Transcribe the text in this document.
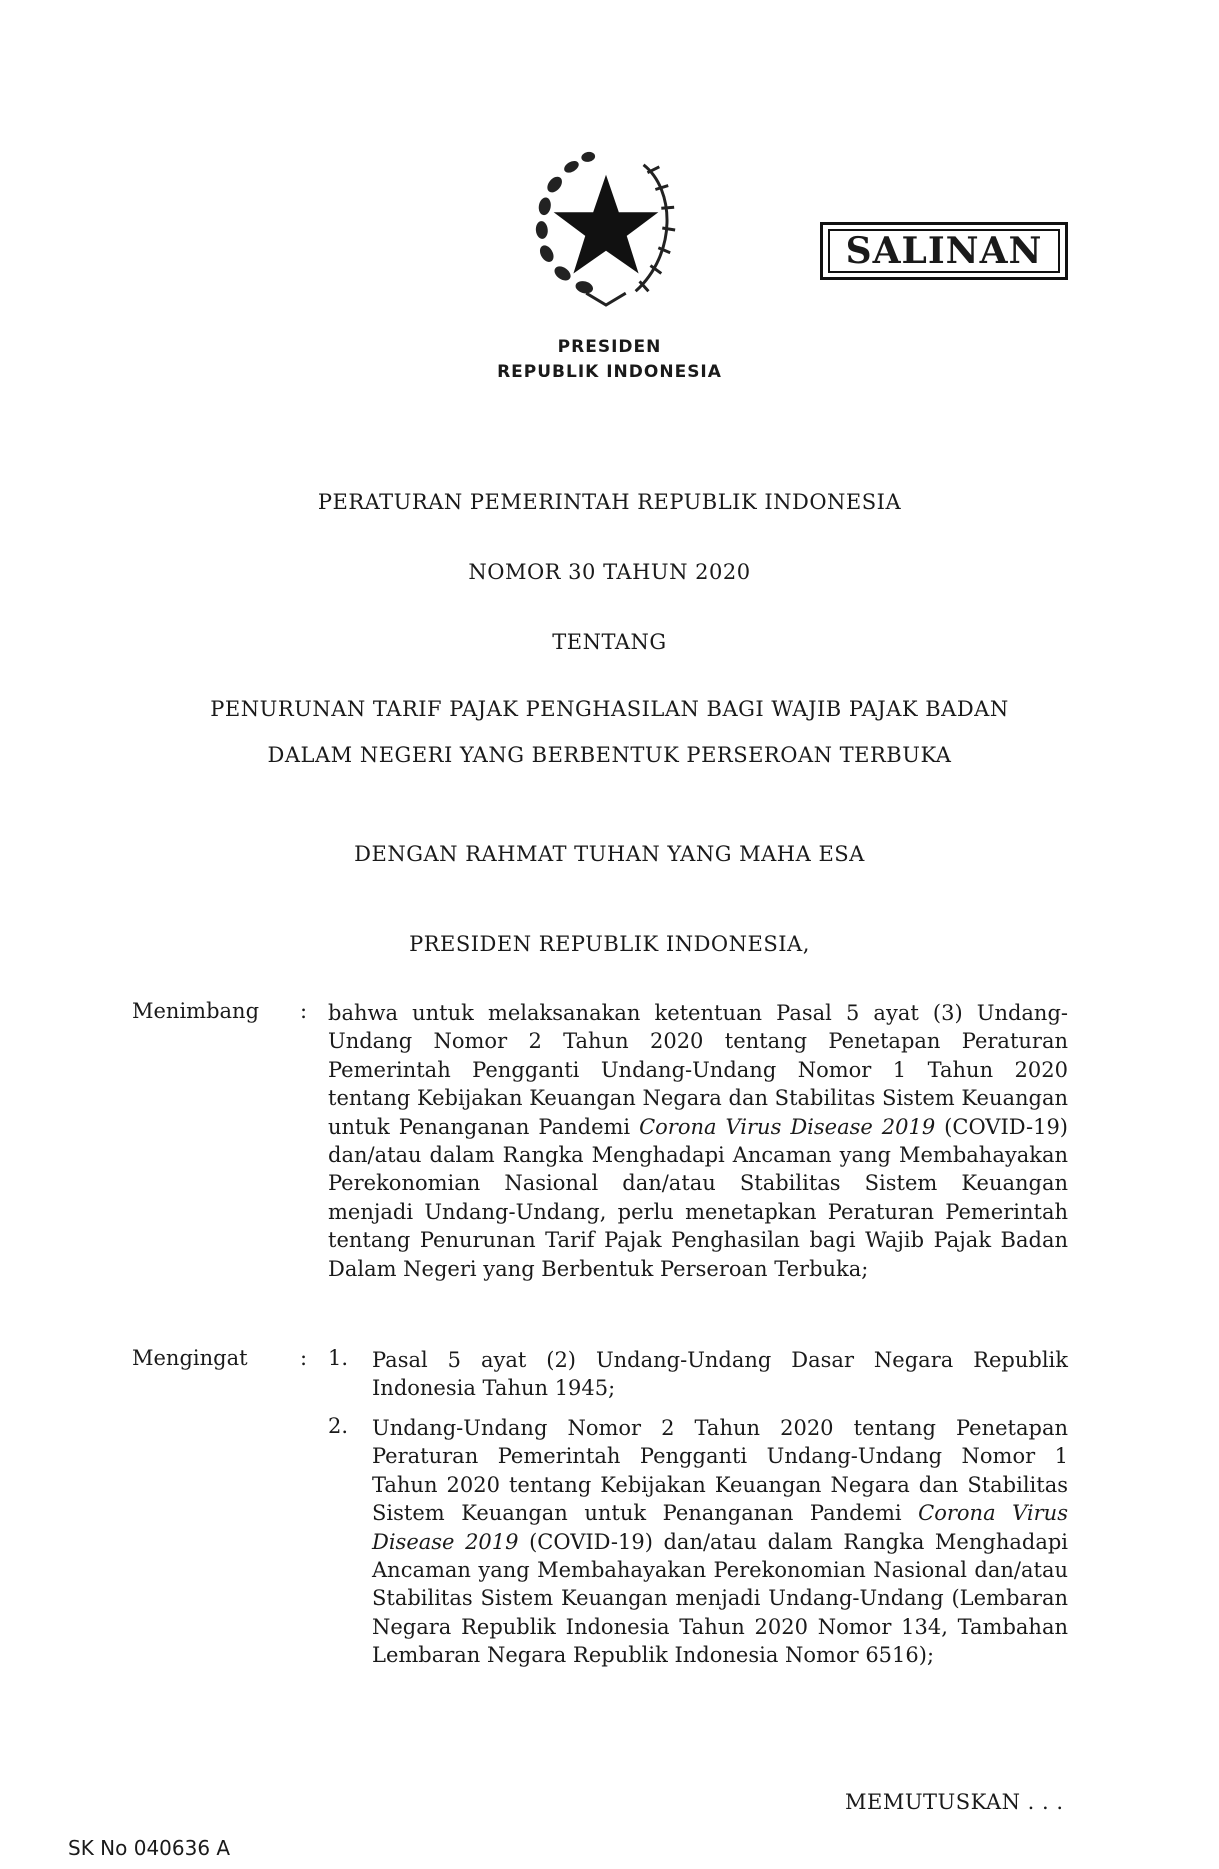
SALINAN
PRESIDEN
REPUBLIK INDONESIA
PERATURAN PEMERINTAH REPUBLIK INDONESIA
NOMOR 30 TAHUN 2020
TENTANG
PENURUNAN TARIF PAJAK PENGHASILAN BAGI WAJIB PAJAK BADAN
DALAM NEGERI YANG BERBENTUK PERSEROAN TERBUKA
DENGAN RAHMAT TUHAN YANG MAHA ESA
PRESIDEN REPUBLIK INDONESIA,
Menimbang : bahwa untuk melaksanakan ketentuan Pasal 5 ayat (3) Undang-Undang Nomor 2 Tahun 2020 tentang Penetapan Peraturan Pemerintah Pengganti Undang-Undang Nomor 1 Tahun 2020 tentang Kebijakan Keuangan Negara dan Stabilitas Sistem Keuangan untuk Penanganan Pandemi Corona Virus Disease 2019 (COVID-19) dan/atau dalam Rangka Menghadapi Ancaman yang Membahayakan Perekonomian Nasional dan/atau Stabilitas Sistem Keuangan menjadi Undang-Undang, perlu menetapkan Peraturan Pemerintah tentang Penurunan Tarif Pajak Penghasilan bagi Wajib Pajak Badan Dalam Negeri yang Berbentuk Perseroan Terbuka;
Mengingat : 1. Pasal 5 ayat (2) Undang-Undang Dasar Negara Republik Indonesia Tahun 1945;
2. Undang-Undang Nomor 2 Tahun 2020 tentang Penetapan Peraturan Pemerintah Pengganti Undang-Undang Nomor 1 Tahun 2020 tentang Kebijakan Keuangan Negara dan Stabilitas Sistem Keuangan untuk Penanganan Pandemi Corona Virus Disease 2019 (COVID-19) dan/atau dalam Rangka Menghadapi Ancaman yang Membahayakan Perekonomian Nasional dan/atau Stabilitas Sistem Keuangan menjadi Undang-Undang (Lembaran Negara Republik Indonesia Tahun 2020 Nomor 134, Tambahan Lembaran Negara Republik Indonesia Nomor 6516);
MEMUTUSKAN . . .
SK No 040636 A
